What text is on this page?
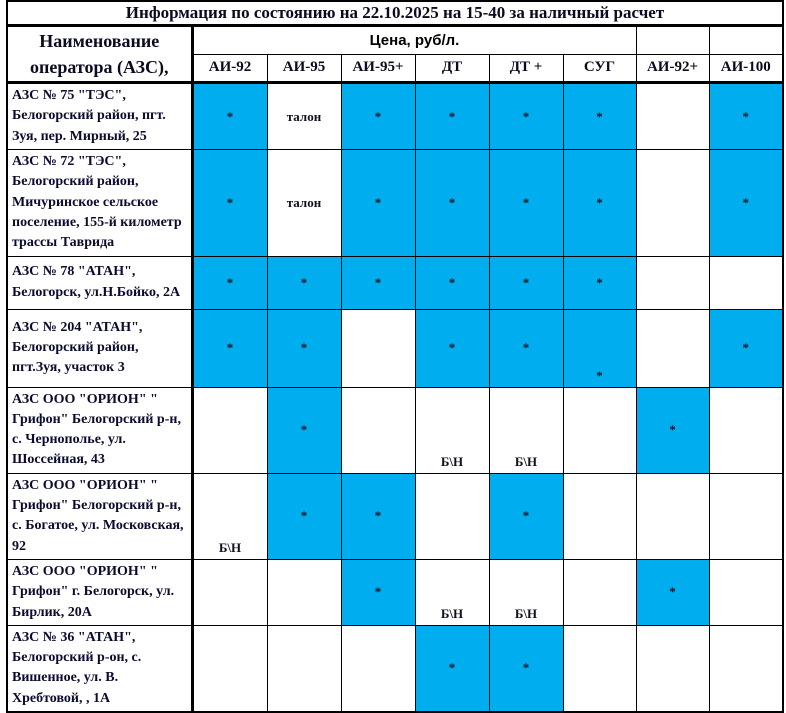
Информация по состоянию на 22.10.2025 на 15-40 за наличный расчет								
Наименование оператора (АЗС),	Цена, руб/л.							
	АИ-92	АИ-95	АИ-95+	ДТ	ДТ +	СУГ	АИ-92+	АИ-100
АЗС № 75 "ТЭС", Белогорский район, пгт. Зуя, пер. Мирный, 25	*	талон	*	*	*	*		*
АЗС № 72 "ТЭС", Белогорский район, Мичуринское сельское поселение, 155-й километр трассы Таврида	*	талон	*	*	*	*		*
АЗС № 78 "АТАН", Белогорск, ул.Н.Бойко, 2А	*	*	*	*	*	*		
АЗС № 204 "АТАН", Белогорский район, пгт.Зуя, участок 3	*	*		*	*	*		*
АЗС ООО "ОРИОН" " Грифон" Белогорский р-н, с. Чернополье, ул. Шоссейная, 43		*		Б\Н	Б\Н		*	
АЗС ООО "ОРИОН" " Грифон" Белогорский р-н, с. Богатое, ул. Московская, 92	Б\Н	*	*		*			
АЗС ООО "ОРИОН" " Грифон" г. Белогорск, ул. Бирлик, 20А			*	Б\Н	Б\Н		*	
АЗС № 36 "АТАН", Белогорский р-он, с. Вишенное, ул. В. Хребтовой, , 1А				*	*			
